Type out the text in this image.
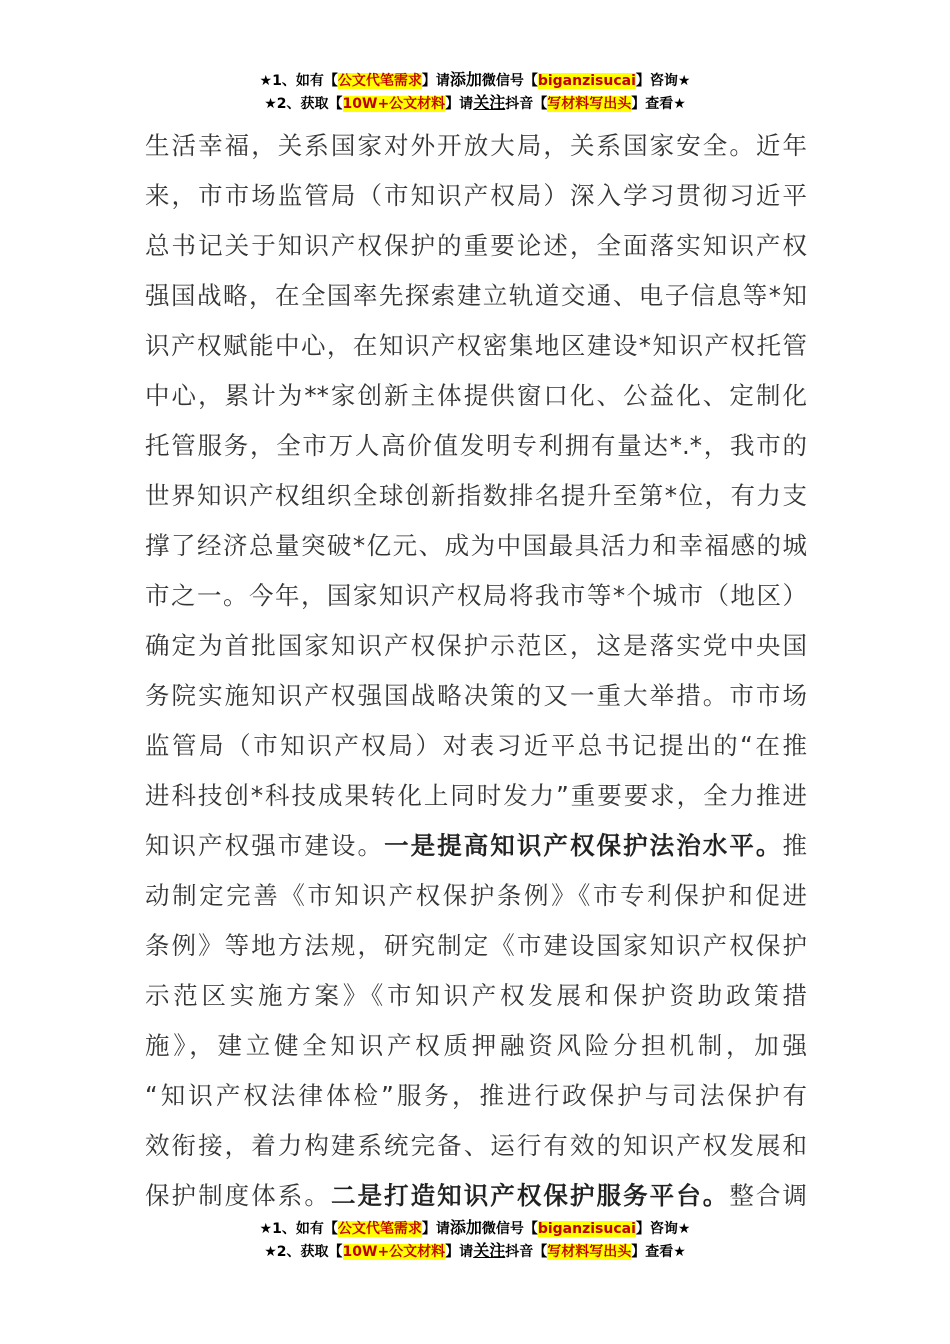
★1、如有【公文代笔需求】请添加微信号【biganzisucai】咨询★
★2、获取【10W+公文材料】请关注抖音【写材料写出头】查看★
生活幸福，关系国家对外开放大局，关系国家安全。近年
来，市市场监管局（市知识产权局）深入学习贯彻习近平
总书记关于知识产权保护的重要论述，全面落实知识产权
强国战略，在全国率先探索建立轨道交通、电子信息等*知
识产权赋能中心，在知识产权密集地区建设*知识产权托管
中心，累计为**家创新主体提供窗口化、公益化、定制化
托管服务，全市万人高价值发明专利拥有量达*.*，我市的
世界知识产权组织全球创新指数排名提升至第*位，有力支
撑了经济总量突破*亿元、成为中国最具活力和幸福感的城
市之一。今年，国家知识产权局将我市等*个城市（地区）
确定为首批国家知识产权保护示范区，这是落实党中央国
务院实施知识产权强国战略决策的又一重大举措。市市场
监管局（市知识产权局）对表习近平总书记提出的“在推
进科技创*科技成果转化上同时发力”重要要求，全力推进
知识产权强市建设。一是提高知识产权保护法治水平。推
动制定完善《市知识产权保护条例》《市专利保护和促进
条例》等地方法规，研究制定《市建设国家知识产权保护
示范区实施方案》《市知识产权发展和保护资助政策措
施》，建立健全知识产权质押融资风险分担机制，加强
“知识产权法律体检”服务，推进行政保护与司法保护有
效衔接，着力构建系统完备、运行有效的知识产权发展和
保护制度体系。二是打造知识产权保护服务平台。整合调
★1、如有【公文代笔需求】请添加微信号【biganzisucai】咨询★
★2、获取【10W+公文材料】请关注抖音【写材料写出头】查看★
